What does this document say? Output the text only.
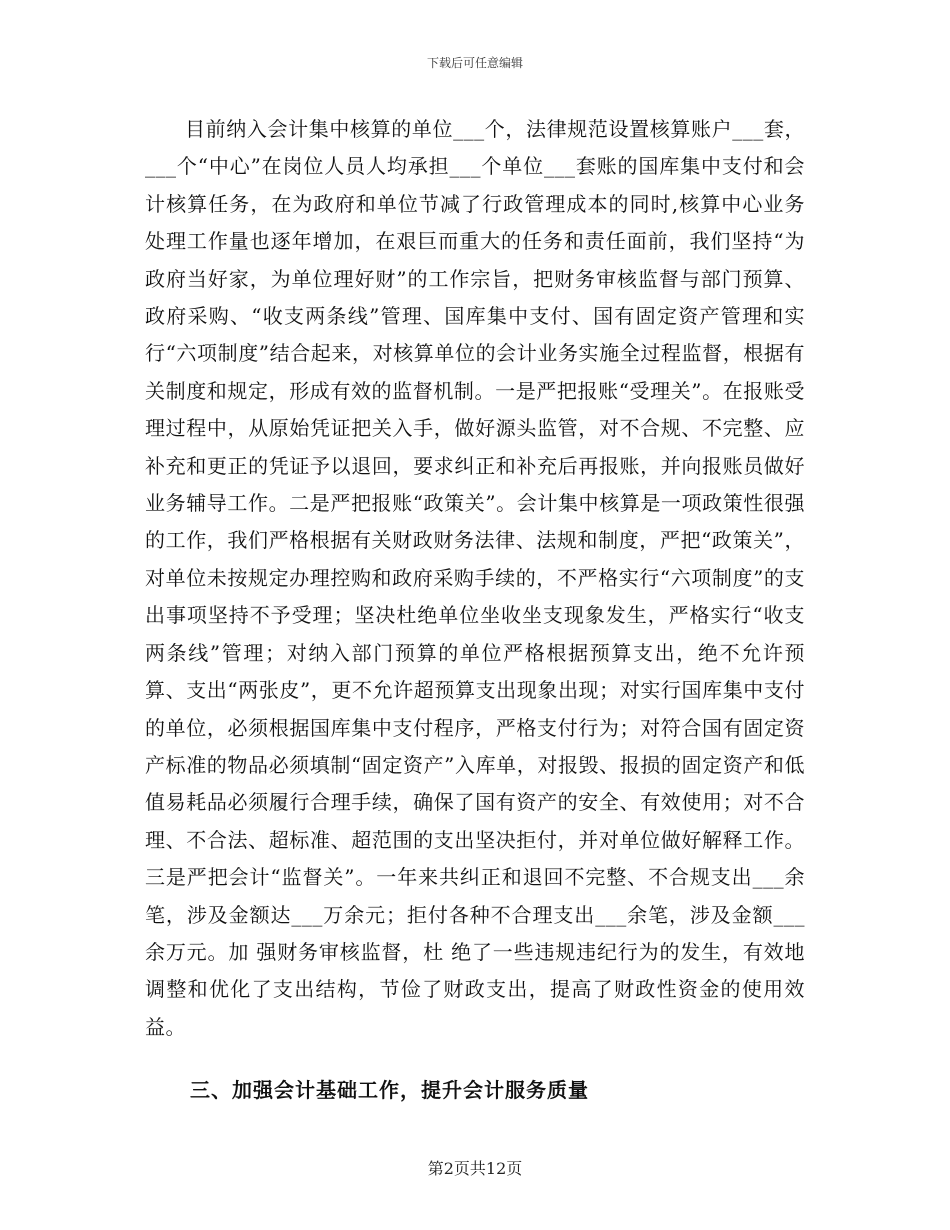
下载后可任意编辑

目前纳入会计集中核算的单位___个，法律规范设置核算账户___套，___个“中心”在岗位人员人均承担___个单位___套账的国库集中支付和会计核算任务，在为政府和单位节减了行政管理成本的同时,核算中心业务处理工作量也逐年增加，在艰巨而重大的任务和责任面前，我们坚持“为政府当好家，为单位理好财”的工作宗旨，把财务审核监督与部门预算、政府采购、“收支两条线”管理、国库集中支付、国有固定资产管理和实行“六项制度”结合起来，对核算单位的会计业务实施全过程监督，根据有关制度和规定，形成有效的监督机制。一是严把报账“受理关”。在报账受理过程中，从原始凭证把关入手，做好源头监管，对不合规、不完整、应补充和更正的凭证予以退回，要求纠正和补充后再报账，并向报账员做好业务辅导工作。二是严把报账“政策关”。会计集中核算是一项政策性很强的工作，我们严格根据有关财政财务法律、法规和制度，严把“政策关”，对单位未按规定办理控购和政府采购手续的，不严格实行“六项制度”的支出事项坚持不予受理；坚决杜绝单位坐收坐支现象发生，严格实行“收支两条线”管理；对纳入部门预算的单位严格根据预算支出，绝不允许预算、支出“两张皮”，更不允许超预算支出现象出现；对实行国库集中支付的单位，必须根据国库集中支付程序，严格支付行为；对符合国有固定资产标准的物品必须填制“固定资产”入库单，对报毁、报损的固定资产和低值易耗品必须履行合理手续，确保了国有资产的安全、有效使用；对不合理、不合法、超标准、超范围的支出坚决拒付，并对单位做好解释工作。三是严把会计“监督关”。一年来共纠正和退回不完整、不合规支出___余笔，涉及金额达___万余元；拒付各种不合理支出___余笔，涉及金额___余万元。加 强财务审核监督，杜 绝了一些违规违纪行为的发生，有效地调整和优化了支出结构，节俭了财政支出，提高了财政性资金的使用效益。

三、加强会计基础工作，提升会计服务质量

第2页共12页
